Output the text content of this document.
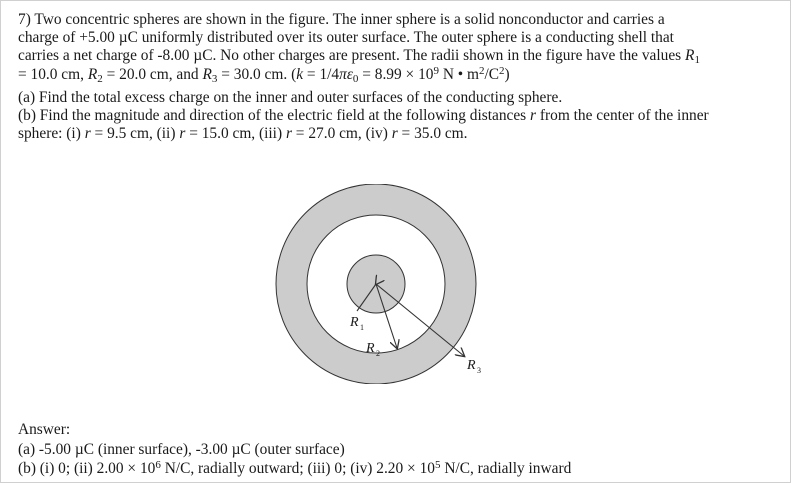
7) Two concentric spheres are shown in the figure. The inner sphere is a solid nonconductor and carries a
charge of +5.00 µC uniformly distributed over its outer surface. The outer sphere is a conducting shell that
carries a net charge of -8.00 µC. No other charges are present. The radii shown in the figure have the values $R_1$
= 10.0 cm, $R_2 = 20.0$ cm, and $R_3 = 30.0$ cm. ($k = 1/4\pi\varepsilon_0 = 8.99 \times 10^9$ N • $m^2/C^2$)

(a) Find the total excess charge on the inner and outer surfaces of the conducting sphere.
(b) Find the magnitude and direction of the electric field at the following distances r from the center of the inner
sphere: (i) r = 9.5 cm, (ii) r = 15.0 cm, (iii) r = 27.0 cm, (iv) r = 35.0 cm.

R 1
R 2
R 3

Answer:

(a) -5.00 µC (inner surface), -3.00 µC (outer surface)

(b) (i) 0; (ii) $2.00 \times 10^6$ N/C, radially outward; (iii) 0; (iv) $2.20 \times 10^5$ N/C, radially inward
